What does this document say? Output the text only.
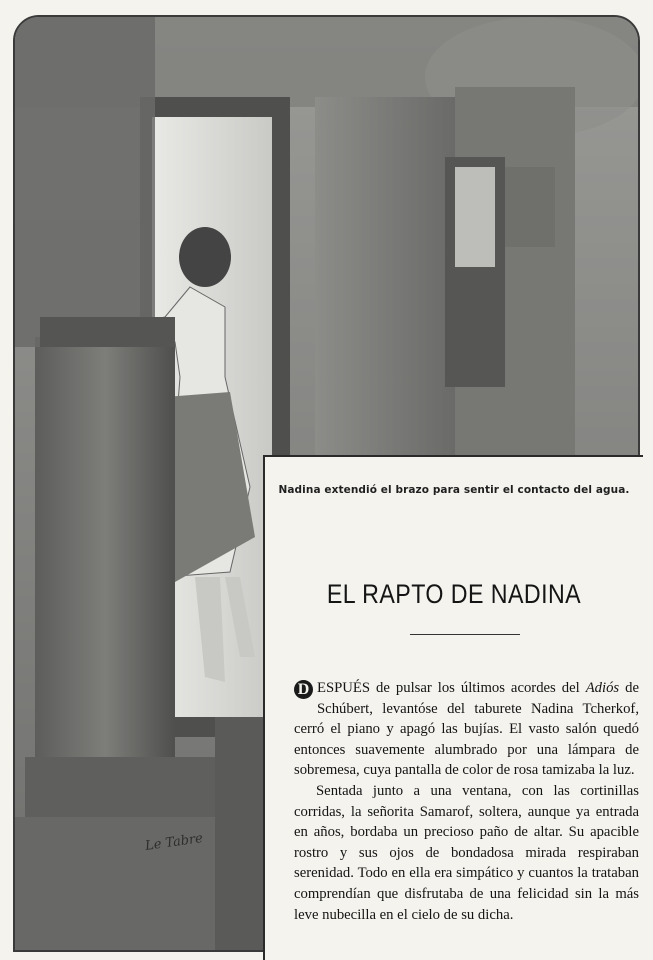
Le Tabre
Nadina extendió el brazo para sentir el contacto del agua.
EL RAPTO DE NADINA

D ESPUÉS de pulsar los últimos acordes del Adiós de Schúbert, levantóse del taburete Nadina Tcherkof, cerró el piano y apagó las bujías. El vasto salón quedó entonces suavemente alumbrado por una lámpara de sobremesa, cuya pantalla de color de rosa tamizaba la luz.

Sentada junto a una ventana, con las cortinillas corridas, la señorita Samarof, soltera, aunque ya entrada en años, bordaba un precioso paño de altar. Su apacible rostro y sus ojos de bondadosa mirada respiraban serenidad. Todo en ella era simpático y cuantos la trataban comprendían que disfrutaba de una felicidad sin la más leve nubecilla en el cielo de su dicha.
